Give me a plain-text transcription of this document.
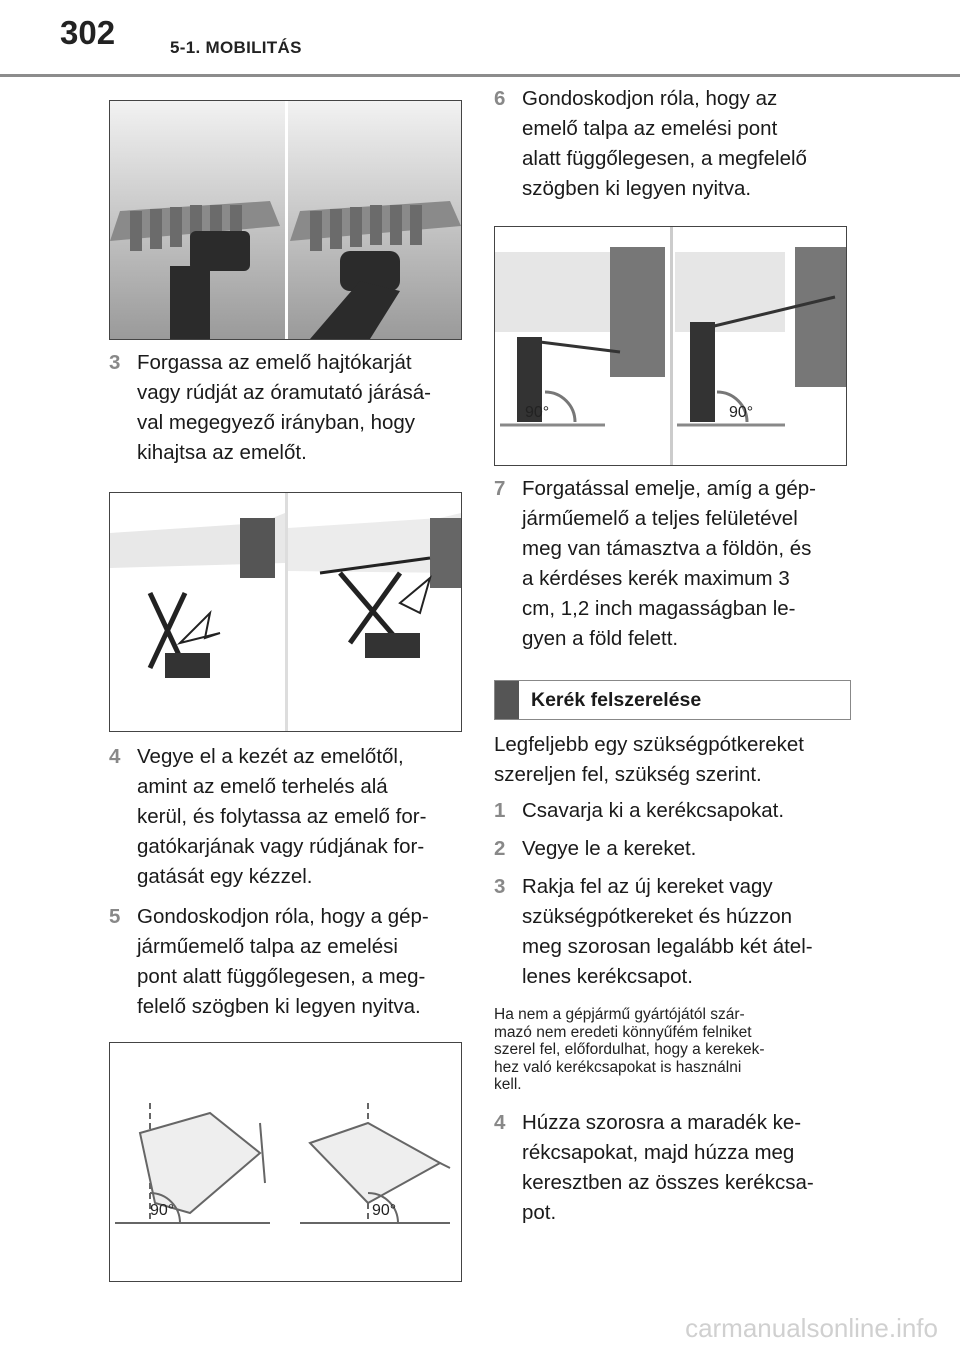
302	5-1. MOBILITÁS
3 Forgassa az emelő hajtókarját
vagy rúdját az óramutató járásá-
val megegyező irányban, hogy
kihajtsa az emelőt.
4 Vegye el a kezét az emelőtől,
amint az emelő terhelés alá
kerül, és folytassa az emelő for-
gatókarjának vagy rúdjának for-
gatását egy kézzel.
5 Gondoskodjon róla, hogy a gép-
járműemelő talpa az emelési
pont alatt függőlegesen, a meg-
felelő szögben ki legyen nyitva.
90°	90°
6 Gondoskodjon róla, hogy az
emelő talpa az emelési pont
alatt függőlegesen, a megfelelő
szögben ki legyen nyitva.
90°	90°
7 Forgatással emelje, amíg a gép-
járműemelő a teljes felületével
meg van támasztva a földön, és
a kérdéses kerék maximum 3
cm, 1,2 inch magasságban le-
gyen a föld felett.
Kerék felszerelése
Legfeljebb egy szükségpótkereket
szereljen fel, szükség szerint.
1 Csavarja ki a kerékcsapokat.
2 Vegye le a kereket.
3 Rakja fel az új kereket vagy
szükségpótkereket és húzzon
meg szorosan legalább két átel-
lenes kerékcsapot.
Ha nem a gépjármű gyártójától szár-
mazó nem eredeti könnyűfém felniket
szerel fel, előfordulhat, hogy a kerekek-
hez való kerékcsapokat is használni
kell.
4 Húzza szorosra a maradék ke-
rékcsapokat, majd húzza meg
keresztben az összes kerékcsa-
pot.
carmanualsonline.info
